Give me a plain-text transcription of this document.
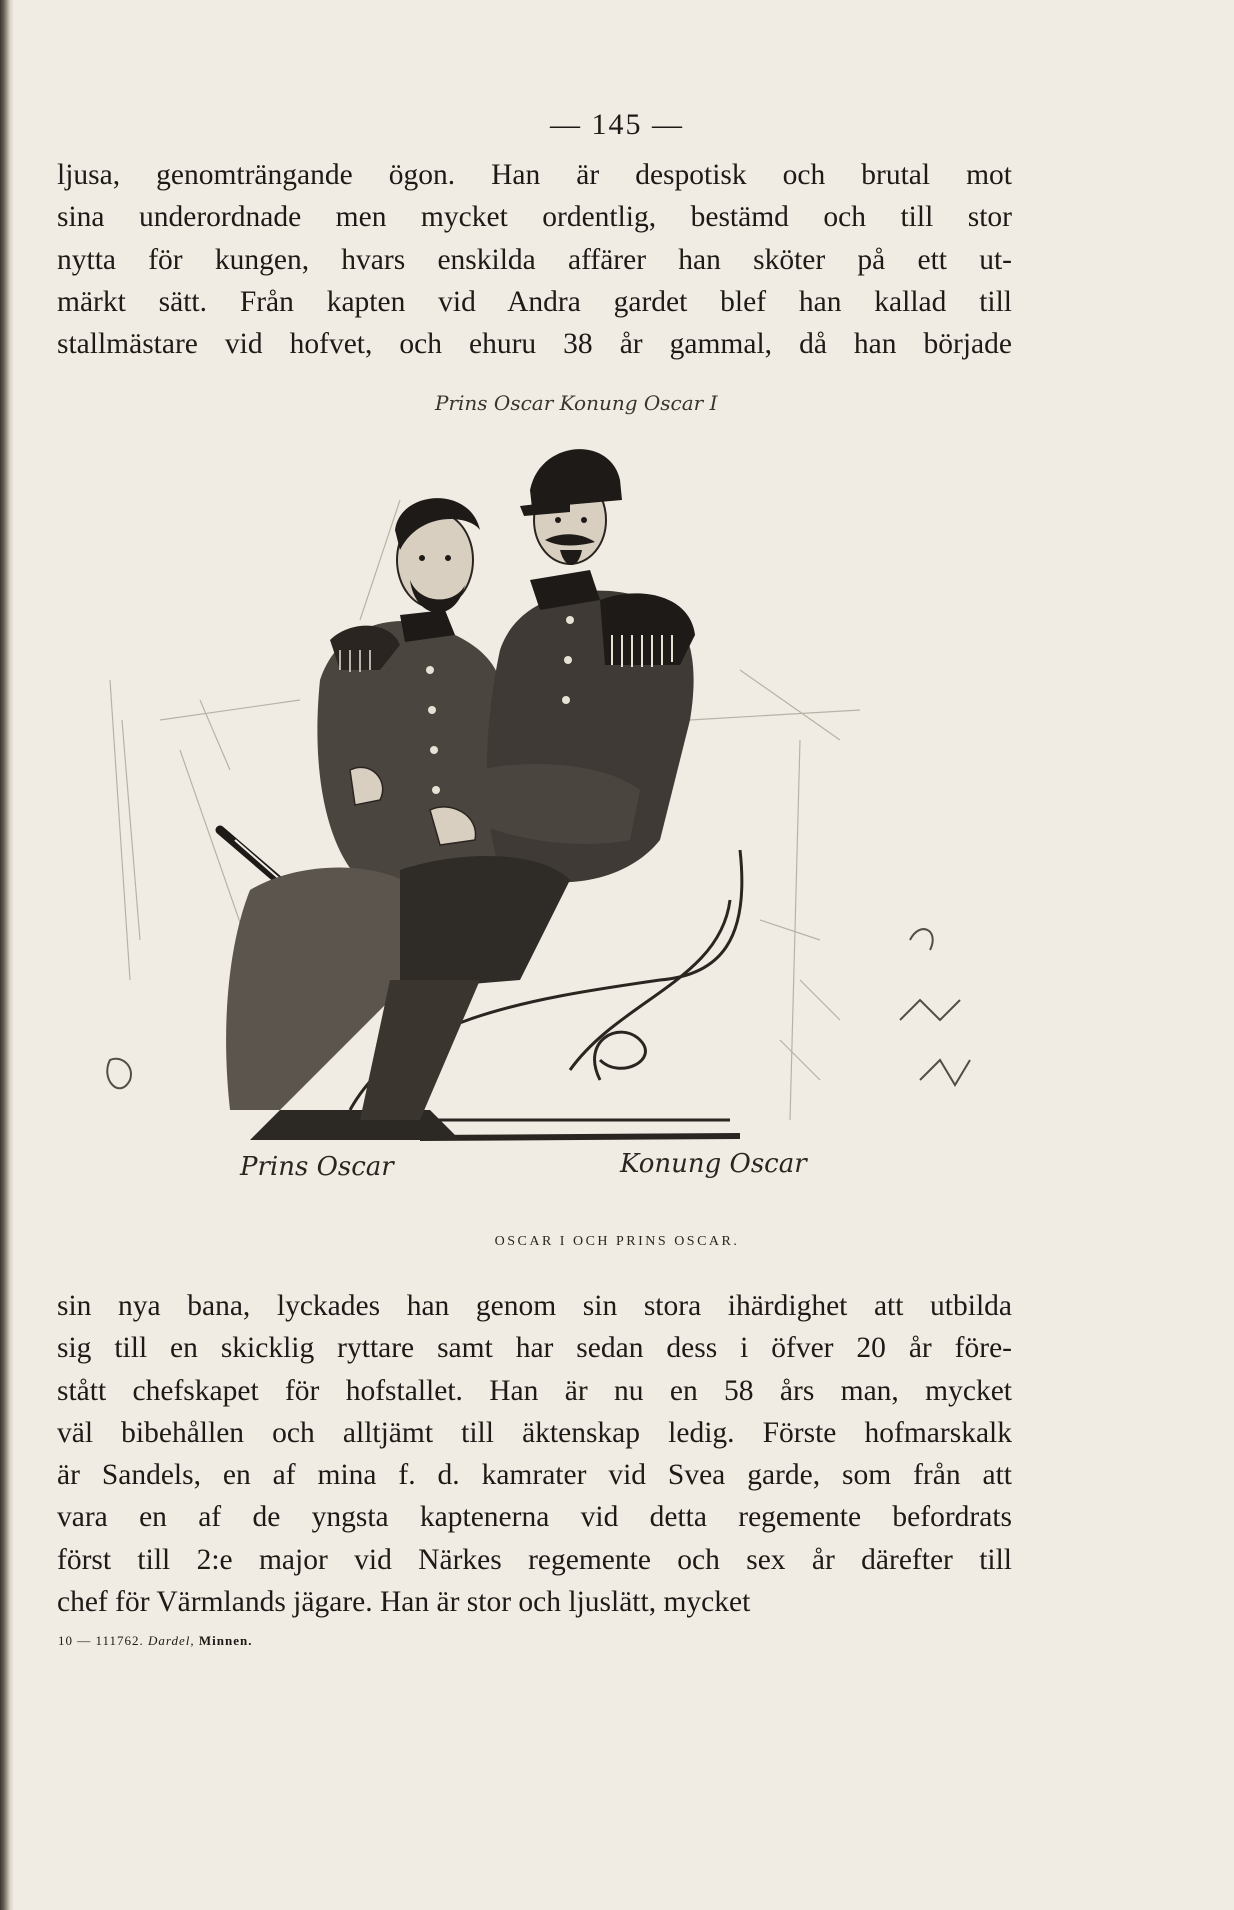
— 145 —
ljusa, genomträngande ögon. Han är despotisk och brutal mot
sina underordnade men mycket ordentlig, bestämd och till stor
nytta för kungen, hvars enskilda affärer han sköter på ett ut-
märkt sätt. Från kapten vid Andra gardet blef han kallad till
stallmästare vid hofvet, och ehuru 38 år gammal, då han började
Prins Oscar Konung Oscar I
Prins Oscar	Konung Oscar
OSCAR I OCH PRINS OSCAR.
sin nya bana, lyckades han genom sin stora ihärdighet att utbilda
sig till en skicklig ryttare samt har sedan dess i öfver 20 år före-
stått chefskapet för hofstallet. Han är nu en 58 års man, mycket
väl bibehållen och alltjämt till äktenskap ledig. Förste hofmarskalk
är Sandels, en af mina f. d. kamrater vid Svea garde, som från att
vara en af de yngsta kaptenerna vid detta regemente befordrats
först till 2:e major vid Närkes regemente och sex år därefter till
chef för Värmlands jägare. Han är stor och ljuslätt, mycket
10 — 111762. Dardel, Minnen.
